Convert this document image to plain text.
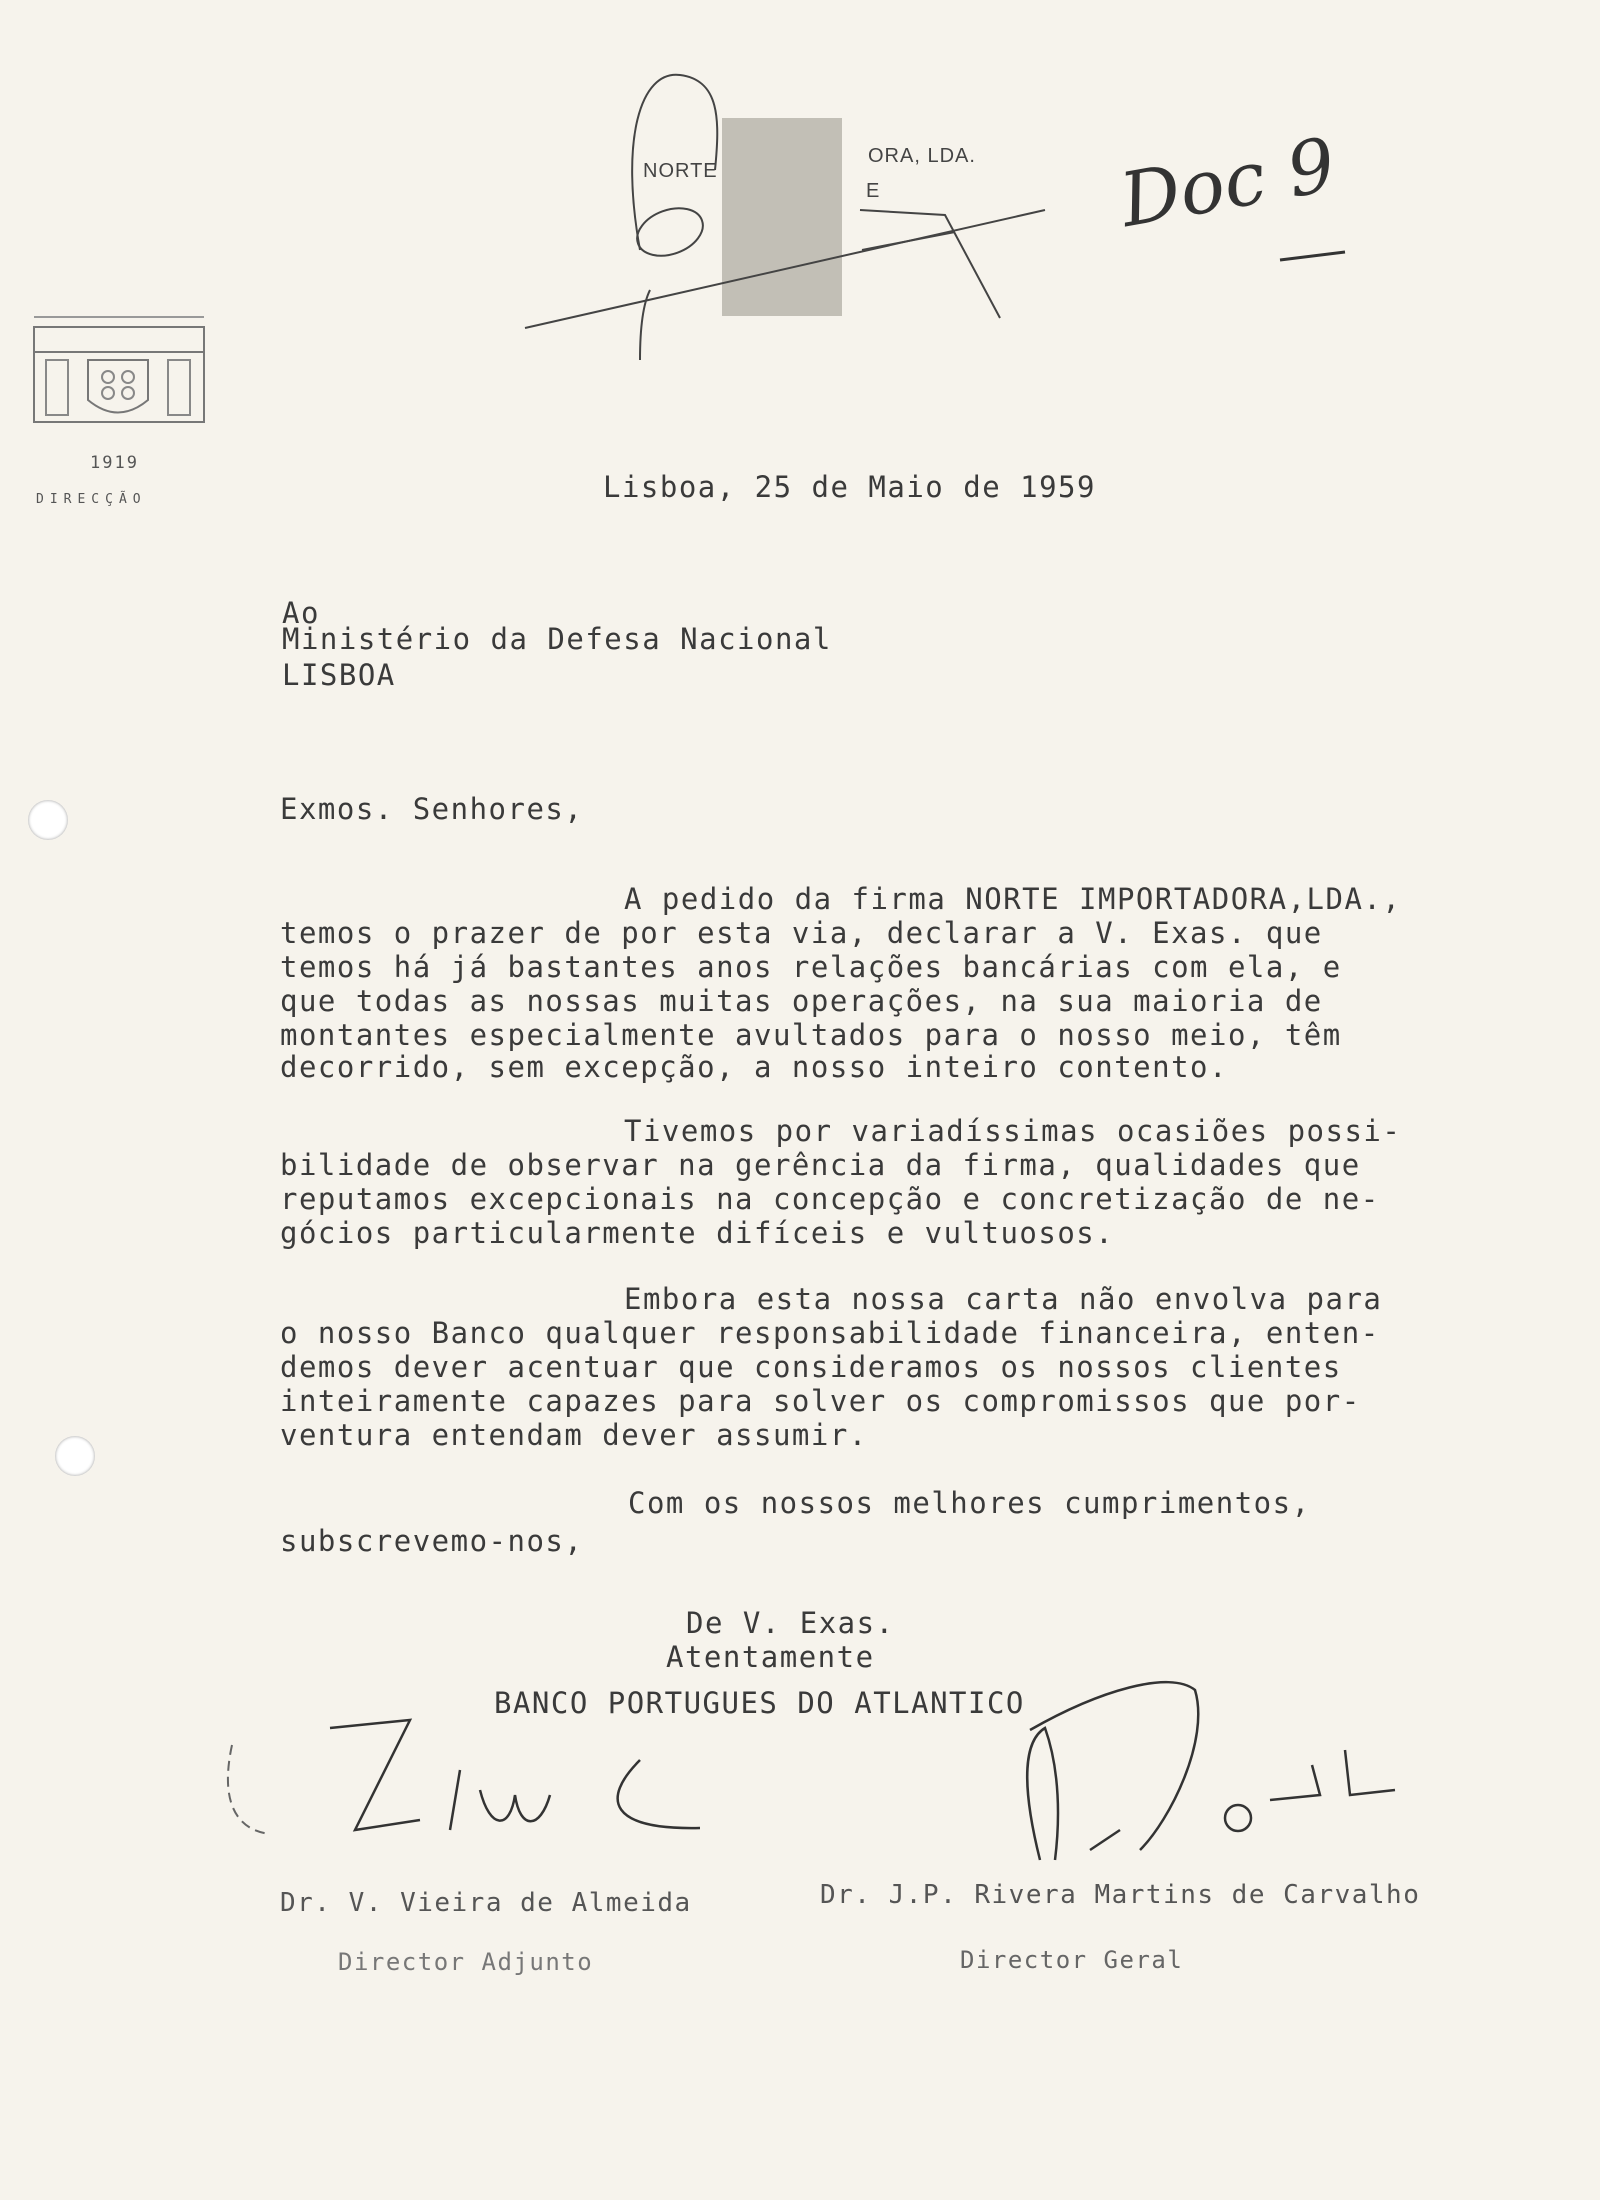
NORTE
ORA, LDA.
E	Doc 9
1919
DIRECÇÃO	Lisboa, 25 de Maio de 1959
Ao
Ministério da Defesa Nacional
LISBOA
Exmos. Senhores,
A pedido da firma NORTE IMPORTADORA,LDA.,
temos o prazer de por esta via, declarar a V. Exas. que
temos há já bastantes anos relações bancárias com ela, e
que todas as nossas muitas operações, na sua maioria de
montantes especialmente avultados para o nosso meio, têm
decorrido, sem excepção, a nosso inteiro contento.
Tivemos por variadíssimas ocasiões possi-
bilidade de observar na gerência da firma, qualidades que
reputamos excepcionais na concepção e concretização de ne-
gócios particularmente difíceis e vultuosos.
Embora esta nossa carta não envolva para
o nosso Banco qualquer responsabilidade financeira, enten-
demos dever acentuar que consideramos os nossos clientes
inteiramente capazes para solver os compromissos que por-
ventura entendam dever assumir.
Com os nossos melhores cumprimentos,
subscrevemo-nos,
De V. Exas.
Atentamente
BANCO PORTUGUES DO ATLANTICO
Dr. V. Vieira de Almeida
Director Adjunto
Dr. J.P. Rivera Martins de Carvalho
Director Geral
